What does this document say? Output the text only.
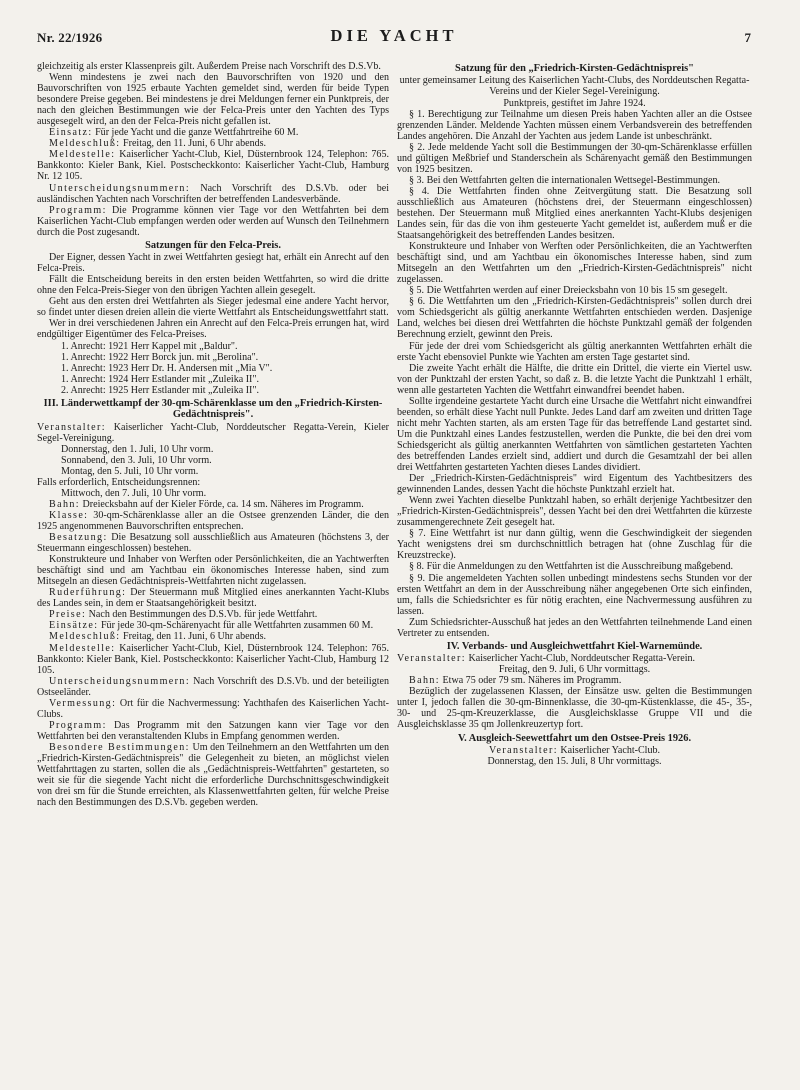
Nr. 22/1926	DIE YACHT	7

gleichzeitig als erster Klassenpreis gilt. Außerdem Preise nach Vorschrift des D.S.Vb.

Wenn mindestens je zwei nach den Bauvorschriften von 1920 und den Bauvorschriften von 1925 erbaute Yachten gemeldet sind, werden für beide Typen besondere Preise gegeben. Bei mindestens je drei Meldungen ferner ein Punktpreis, der nach den gleichen Bestimmungen wie der Felca-Preis unter den Yachten des Typs ausgesegelt wird, an den der Felca-Preis nicht gefallen ist.

Einsatz: Für jede Yacht und die ganze Wettfahrtreihe 60 M.

Meldeschluß: Freitag, den 11. Juni, 6 Uhr abends.

Meldestelle: Kaiserlicher Yacht-Club, Kiel, Düsternbrook 124, Telephon: 765. Bankkonto: Kieler Bank, Kiel. Postscheckkonto: Kaiserlicher Yacht-Club, Hamburg Nr. 12 105.

Unterscheidungsnummern: Nach Vorschrift des D.S.Vb. oder bei ausländischen Yachten nach Vorschriften der betreffenden Landesverbände.

Programm: Die Programme können vier Tage vor den Wettfahrten bei dem Kaiserlichen Yacht-Club empfangen werden oder werden auf Wunsch den Teilnehmern durch die Post zugesandt.

Satzungen für den Felca-Preis.

Der Eigner, dessen Yacht in zwei Wettfahrten gesiegt hat, erhält ein Anrecht auf den Felca-Preis.

Fällt die Entscheidung bereits in den ersten beiden Wettfahrten, so wird die dritte ohne den Felca-Preis-Sieger von den übrigen Yachten allein gesegelt.

Geht aus den ersten drei Wettfahrten als Sieger jedesmal eine andere Yacht hervor, so findet unter diesen dreien allein die vierte Wettfahrt als Entscheidungswettfahrt statt.

Wer in drei verschiedenen Jahren ein Anrecht auf den Felca-Preis errungen hat, wird endgültiger Eigentümer des Felca-Preises.

1. Anrecht: 1921 Herr Kappel mit „Baldur".
1. Anrecht: 1922 Herr Borck jun. mit „Berolina".
1. Anrecht: 1923 Herr Dr. H. Andersen mit „Mia V".
1. Anrecht: 1924 Herr Estlander mit „Zuleika II".
2. Anrecht: 1925 Herr Estlander mit „Zuleika II".
III. Länderwettkampf der 30-qm-Schärenklasse um den „Friedrich-Kirsten-Gedächtnispreis".

Veranstalter: Kaiserlicher Yacht-Club, Norddeutscher Regatta-Verein, Kieler Segel-Vereinigung.

Donnerstag, den 1. Juli, 10 Uhr vorm.
Sonnabend, den 3. Juli, 10 Uhr vorm.
Montag, den 5. Juli, 10 Uhr vorm.

Falls erforderlich, Entscheidungsrennen:

Mittwoch, den 7. Juli, 10 Uhr vorm.

Bahn: Dreiecksbahn auf der Kieler Förde, ca. 14 sm. Näheres im Programm.

Klasse: 30-qm-Schärenklasse aller an die Ostsee grenzenden Länder, die den 1925 angenommenen Bauvorschriften entsprechen.

Besatzung: Die Besatzung soll ausschließlich aus Amateuren (höchstens 3, der Steuermann eingeschlossen) bestehen.

Konstrukteure und Inhaber von Werften oder Persönlichkeiten, die an Yachtwerften beschäftigt sind und am Yachtbau ein ökonomisches Interesse haben, sind zum Mitsegeln an diesen Gedächtnispreis-Wettfahrten nicht zugelassen.

Ruderführung: Der Steuermann muß Mitglied eines anerkannten Yacht-Klubs des Landes sein, in dem er Staatsangehörigkeit besitzt.

Preise: Nach den Bestimmungen des D.S.Vb. für jede Wettfahrt.

Einsätze: Für jede 30-qm-Schärenyacht für alle Wettfahrten zusammen 60 M.

Meldeschluß: Freitag, den 11. Juni, 6 Uhr abends.

Meldestelle: Kaiserlicher Yacht-Club, Kiel, Düsternbrook 124. Telephon: 765. Bankkonto: Kieler Bank, Kiel. Postscheckkonto: Kaiserlicher Yacht-Club, Hamburg 12 105.

Unterscheidungsnummern: Nach Vorschrift des D.S.Vb. und der beteiligten Ostseeländer.

Vermessung: Ort für die Nachvermessung: Yachthafen des Kaiserlichen Yacht-Clubs.

Programm: Das Programm mit den Satzungen kann vier Tage vor den Wettfahrten bei den veranstaltenden Klubs in Empfang genommen werden.

Besondere Bestimmungen: Um den Teilnehmern an den Wettfahrten um den „Friedrich-Kirsten-Gedächtnispreis" die Gelegenheit zu bieten, an möglichst vielen Wettfahrttagen zu starten, sollen die als „Gedächtnispreis-Wettfahrten" gestarteten, so weit sie für die siegende Yacht nicht die erforderliche Durchschnittsgeschwindigkeit von drei sm für die Stunde erreichten, als Klassenwettfahrten gelten, für welche Preise nach den Bestimmungen des D.S.Vb. gegeben werden.

Satzung für den „Friedrich-Kirsten-Gedächtnispreis"

unter gemeinsamer Leitung des Kaiserlichen Yacht-Clubs, des Norddeutschen Regatta-Vereins und der Kieler Segel-Vereinigung.

Punktpreis, gestiftet im Jahre 1924.

§ 1. Berechtigung zur Teilnahme um diesen Preis haben Yachten aller an die Ostsee grenzenden Länder. Meldende Yachten müssen einem Verbandsverein des betreffenden Landes angehören. Die Anzahl der Yachten aus jedem Lande ist unbeschränkt.

§ 2. Jede meldende Yacht soll die Bestimmungen der 30-qm-Schärenklasse erfüllen und gültigen Meßbrief und Standerschein als Schärenyacht gemäß den Bestimmungen von 1925 besitzen.

§ 3. Bei den Wettfahrten gelten die internationalen Wettsegel-Bestimmungen.

§ 4. Die Wettfahrten finden ohne Zeitvergütung statt. Die Besatzung soll ausschließlich aus Amateuren (höchstens drei, der Steuermann eingeschlossen) bestehen. Der Steuermann muß Mitglied eines anerkannten Yacht-Klubs desjenigen Landes sein, für das die von ihm gesteuerte Yacht gemeldet ist, außerdem muß er die Staatsangehörigkeit des betreffenden Landes besitzen.

Konstrukteure und Inhaber von Werften oder Persönlichkeiten, die an Yachtwerften beschäftigt sind, und am Yachtbau ein ökonomisches Interesse haben, sind zum Mitsegeln an den Wettfahrten um den „Friedrich-Kirsten-Gedächtnispreis" nicht zugelassen.

§ 5. Die Wettfahrten werden auf einer Dreiecksbahn von 10 bis 15 sm gesegelt.

§ 6. Die Wettfahrten um den „Friedrich-Kirsten-Gedächtnispreis" sollen durch drei vom Schiedsgericht als gültig anerkannte Wettfahrten entschieden werden. Dasjenige Land, welches bei diesen drei Wettfahrten die höchste Punktzahl gemäß der folgenden Berechnung erzielt, gewinnt den Preis.

Für jede der drei vom Schiedsgericht als gültig anerkannten Wettfahrten erhält die erste Yacht ebensoviel Punkte wie Yachten am ersten Tage gestartet sind.

Die zweite Yacht erhält die Hälfte, die dritte ein Drittel, die vierte ein Viertel usw. von der Punktzahl der ersten Yacht, so daß z. B. die letzte Yacht die Punktzahl 1 erhält, wenn alle gestarteten Yachten die Wettfahrt einwandfrei beendet haben.

Sollte irgendeine gestartete Yacht durch eine Ursache die Wettfahrt nicht einwandfrei beenden, so erhält diese Yacht null Punkte. Jedes Land darf am zweiten und dritten Tage nicht mehr Yachten starten, als am ersten Tage für das betreffende Land gestartet sind. Um die Punktzahl eines Landes festzustellen, werden die Punkte, die bei den drei vom Schiedsgericht als gültig anerkannten Wettfahrten von sämtlichen gestarteten Yachten des betreffenden Landes erzielt sind, addiert und durch die Gesamtzahl der bei allen drei Wettfahrten gestarteten Yachten dieses Landes dividiert.

Der „Friedrich-Kirsten-Gedächtnispreis" wird Eigentum des Yachtbesitzers des gewinnenden Landes, dessen Yacht die höchste Punktzahl erzielt hat.

Wenn zwei Yachten dieselbe Punktzahl haben, so erhält derjenige Yachtbesitzer den „Friedrich-Kirsten-Gedächtnispreis", dessen Yacht bei den drei Wettfahrten die kürzeste zusammengerechnete Zeit gesegelt hat.

§ 7. Eine Wettfahrt ist nur dann gültig, wenn die Geschwindigkeit der siegenden Yacht wenigstens drei sm durchschnittlich betragen hat (ohne Zuschlag für die Kreuzstrecke).

§ 8. Für die Anmeldungen zu den Wettfahrten ist die Ausschreibung maßgebend.

§ 9. Die angemeldeten Yachten sollen unbedingt mindestens sechs Stunden vor der ersten Wettfahrt an dem in der Ausschreibung näher angegebenen Orte sich einfinden, um, falls die Schiedsrichter es für nötig erachten, eine Nachvermessung ausführen zu lassen.

Zum Schiedsrichter-Ausschuß hat jedes an den Wettfahrten teilnehmende Land einen Vertreter zu entsenden.

IV. Verbands- und Ausgleichwettfahrt Kiel-Warnemünde.

Veranstalter: Kaiserlicher Yacht-Club, Norddeutscher Regatta-Verein.

Freitag, den 9. Juli, 6 Uhr vormittags.

Bahn: Etwa 75 oder 79 sm. Näheres im Programm.

Bezüglich der zugelassenen Klassen, der Einsätze usw. gelten die Bestimmungen unter I, jedoch fallen die 30-qm-Binnenklasse, die 30-qm-Küstenklasse, die 45-, 35-, 30- und 25-qm-Kreuzerklasse, die Ausgleichsklasse Gruppe VII und die Ausgleichsklasse 35 qm Jollenkreuzertyp fort.

V. Ausgleich-Seewettfahrt um den Ostsee-Preis 1926.

Veranstalter: Kaiserlicher Yacht-Club.

Donnerstag, den 15. Juli, 8 Uhr vormittags.
